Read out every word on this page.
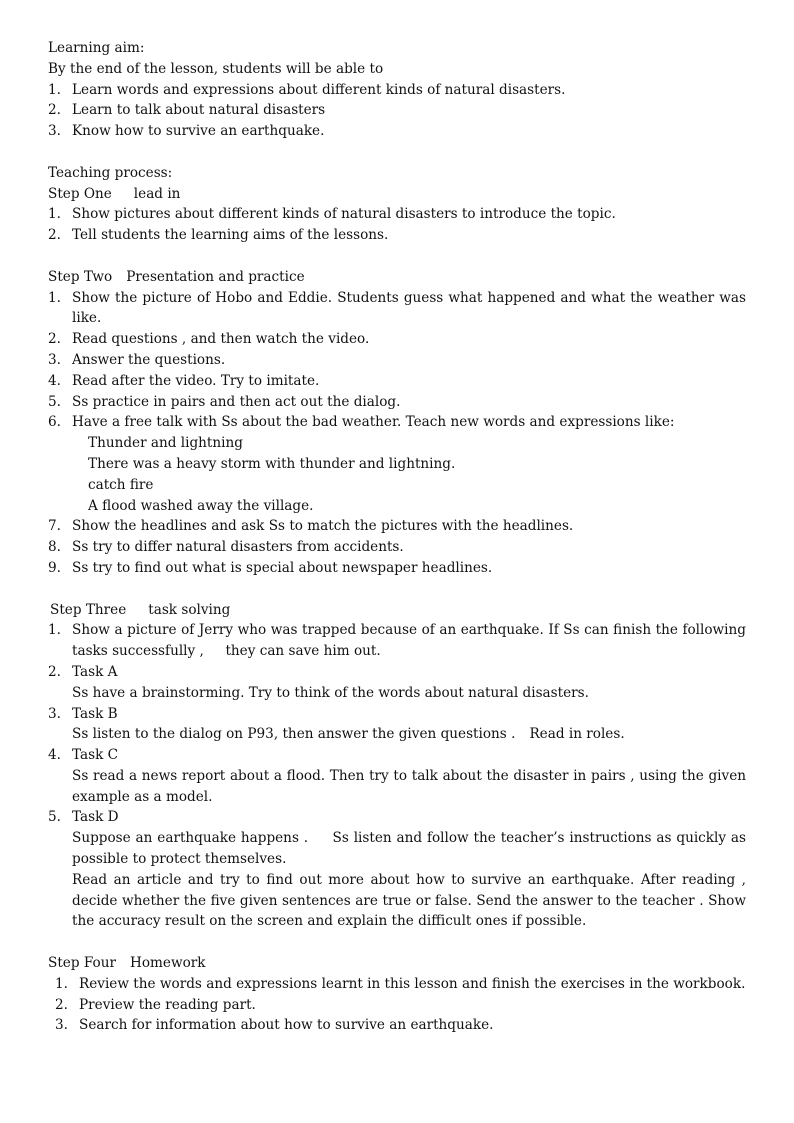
Learning aim:
By the end of the lesson, students will be able to
1. Learn words and expressions about different kinds of natural disasters.
2. Learn to talk about natural disasters
3. Know how to survive an earthquake.
Teaching process:
Step One lead in
1. Show pictures about different kinds of natural disasters to introduce the topic.
2. Tell students the learning aims of the lessons.
Step Two Presentation and practice
1. Show the picture of Hobo and Eddie. Students guess what happened and what the weather was like.
2. Read questions , and then watch the video.
3. Answer the questions.
4. Read after the video. Try to imitate.
5. Ss practice in pairs and then act out the dialog.
6. Have a free talk with Ss about the bad weather. Teach new words and expressions like:
Thunder and lightning
There was a heavy storm with thunder and lightning.
catch fire
A flood washed away the village.
7. Show the headlines and ask Ss to match the pictures with the headlines.
8. Ss try to differ natural disasters from accidents.
9. Ss try to find out what is special about newspaper headlines.
Step Three task solving
1. Show a picture of Jerry who was trapped because of an earthquake. If Ss can finish the following tasks successfully ,     they can save him out.
2. Task A
Ss have a brainstorming. Try to think of the words about natural disasters.
3. Task B
Ss listen to the dialog on P93, then answer the given questions . Read in roles.
4. Task C
Ss read a news report about a flood. Then try to talk about the disaster in pairs , using the given example as a model.
5. Task D
Suppose an earthquake happens . Ss listen and follow the teacher’s instructions as quickly as possible to protect themselves.
Read an article and try to find out more about how to survive an earthquake. After reading , decide whether the five given sentences are true or false. Send the answer to the teacher . Show the accuracy result on the screen and explain the difficult ones if possible.
Step Four Homework
1. Review the words and expressions learnt in this lesson and finish the exercises in the workbook.
2. Preview the reading part.
3. Search for information about how to survive an earthquake.
